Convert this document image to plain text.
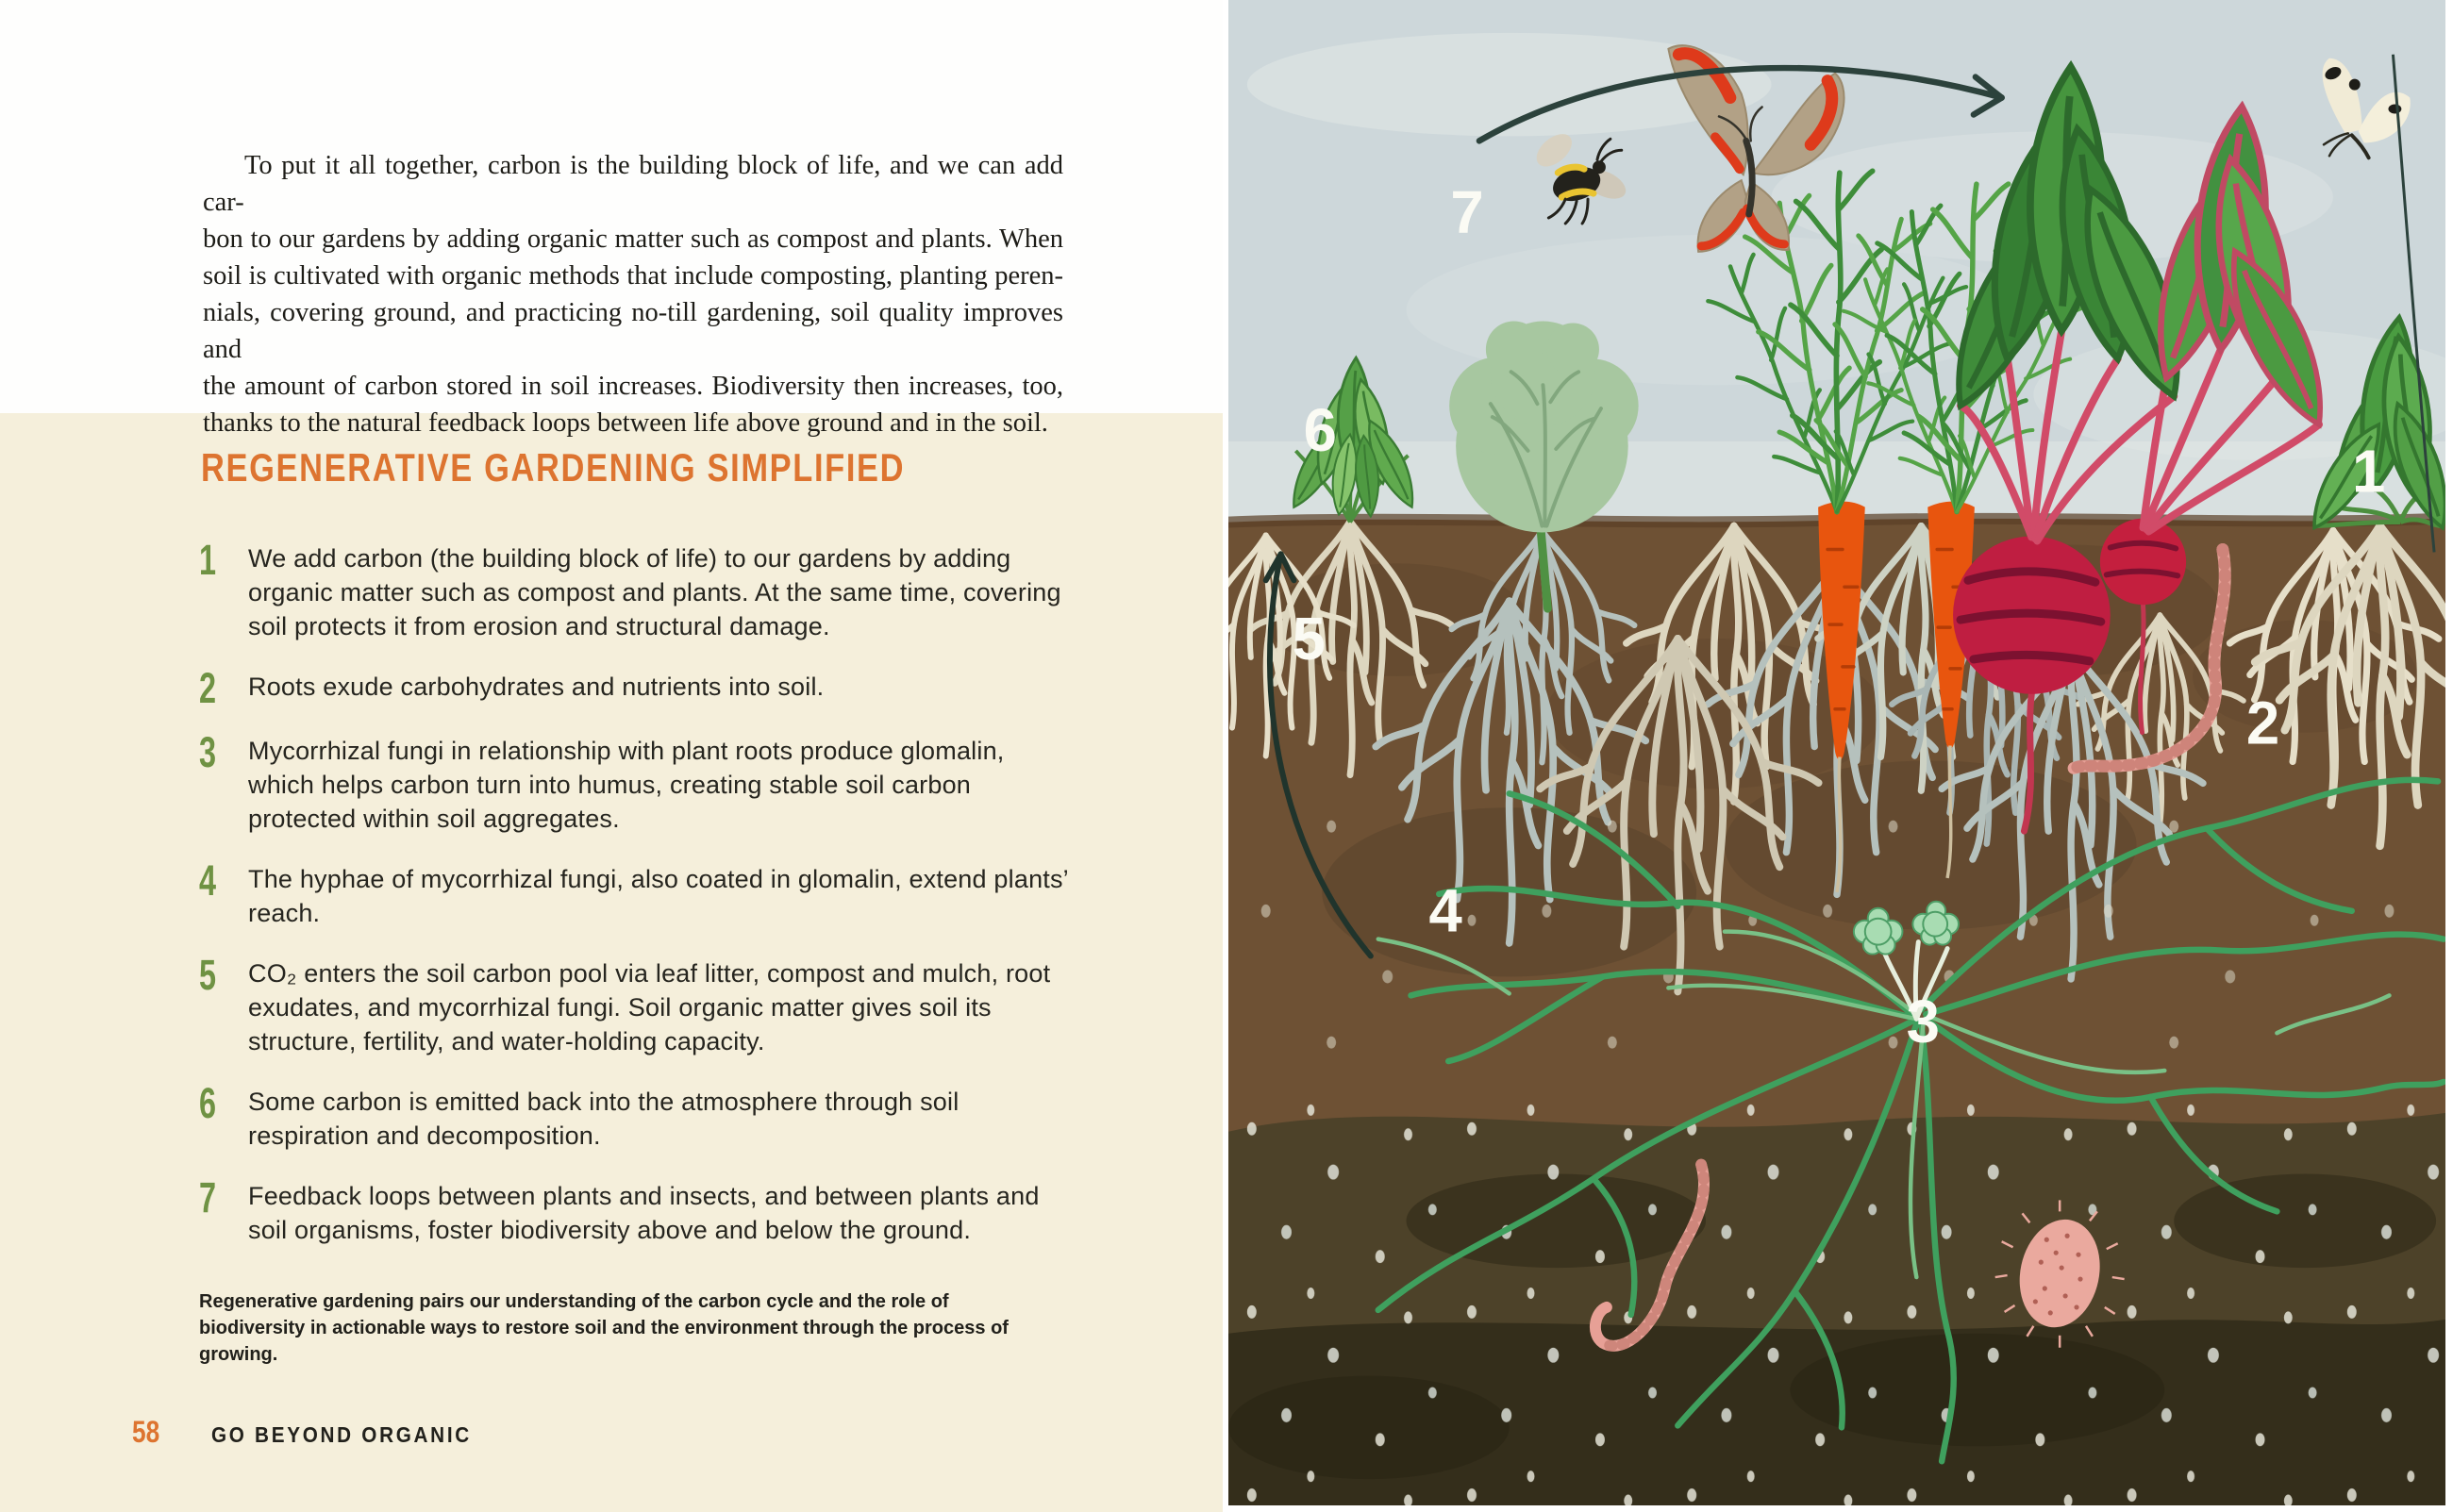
To put it all together, carbon is the building block of life, and we can add car-
bon to our gardens by adding organic matter such as compost and plants. When
soil is cultivated with organic methods that include composting, planting peren-
nials, covering ground, and practicing no-till gardening, soil quality improves and
the amount of carbon stored in soil increases. Biodiversity then increases, too,
thanks to the natural feedback loops between life above ground and in the soil.
REGENERATIVE GARDENING SIMPLIFIED
1	We add carbon (the building block of life) to our gardens by adding organic matter such as compost and plants. At the same time, covering soil protects it from erosion and structural damage.
2	Roots exude carbohydrates and nutrients into soil.
3	Mycorrhizal fungi in relationship with plant roots produce glomalin, which helps carbon turn into humus, creating stable soil carbon protected within soil aggregates.
4	The hyphae of mycorrhizal fungi, also coated in glomalin, extend plants’ reach.
5	CO₂ enters the soil carbon pool via leaf litter, compost and mulch, root exudates, and mycorrhizal fungi. Soil organic matter gives soil its structure, fertility, and water-holding capacity.
6	Some carbon is emitted back into the atmosphere through soil respiration and decomposition.
7	Feedback loops between plants and insects, and between plants and soil organisms, foster biodiversity above and below the ground.
Regenerative gardening pairs our understanding of the carbon cycle and the role of biodiversity in actionable ways to restore soil and the environment through the process of growing.
58 GO BEYOND ORGANIC
1
2
3
4
5
6
7
